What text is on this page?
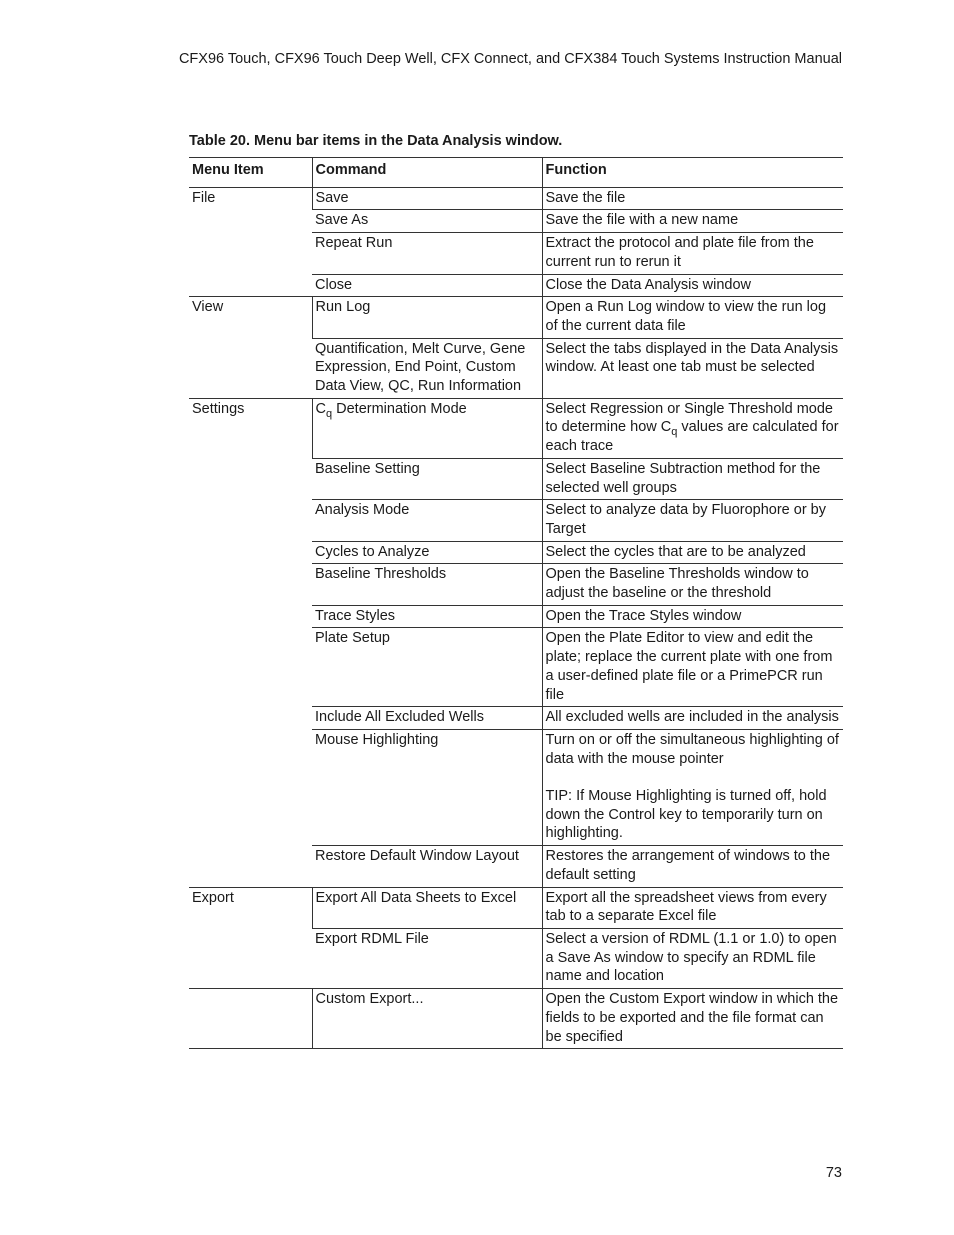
CFX96 Touch, CFX96 Touch Deep Well, CFX Connect, and CFX384 Touch Systems Instruction Manual
Table 20. Menu bar items in the Data Analysis window.
Menu Item	Command	Function
File	Save	Save the file

	Save As	Save the file with a new name

	Repeat Run	Extract the protocol and plate file from the current run to rerun it

	Close	Close the Data Analysis window

View	Run Log	Open a Run Log window to view the run log of the current data file

	Quantification, Melt Curve, Gene Expression, End Point, Custom Data View, QC, Run Information	Select the tabs displayed in the Data Analysis window. At least one tab must be selected

Settings	$C_q$ Determination Mode	Select Regression or Single Threshold mode to determine how $C_q$ values are calculated for each trace

	Baseline Setting	Select Baseline Subtraction method for the selected well groups

	Analysis Mode	Select to analyze data by Fluorophore or by Target

	Cycles to Analyze	Select the cycles that are to be analyzed

	Baseline Thresholds	Open the Baseline Thresholds window to adjust the baseline or the threshold

	Trace Styles	Open the Trace Styles window

	Plate Setup	Open the Plate Editor to view and edit the plate; replace the current plate with one from a user-defined plate file or a PrimePCR run file

	Include All Excluded Wells	All excluded wells are included in the analysis

	Mouse Highlighting	Turn on or off the simultaneous highlighting of data with the mouse pointer
TIP: If Mouse Highlighting is turned off, hold down the Control key to temporarily turn on highlighting.

	Restore Default Window Layout	Restores the arrangement of windows to the default setting

Export	Export All Data Sheets to Excel	Export all the spreadsheet views from every tab to a separate Excel file

	Export RDML File	Select a version of RDML (1.1 or 1.0) to open a Save As window to specify an RDML file name and location

	Custom Export...	Open the Custom Export window in which the fields to be exported and the file format can be specified
73
